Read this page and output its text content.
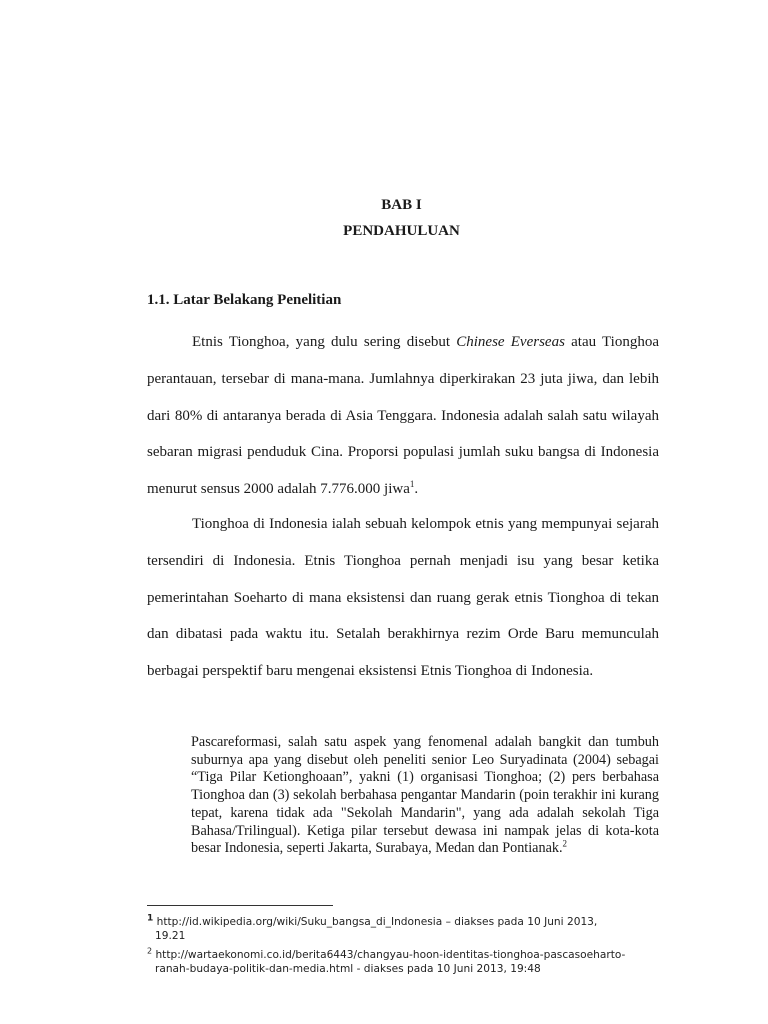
BAB I
PENDAHULUAN
1.1. Latar Belakang Penelitian

Etnis Tionghoa, yang dulu sering disebut Chinese Everseas atau Tionghoa perantauan, tersebar di mana-mana. Jumlahnya diperkirakan 23 juta jiwa, dan lebih dari 80% di antaranya berada di Asia Tenggara. Indonesia adalah salah satu wilayah sebaran migrasi penduduk Cina. Proporsi populasi jumlah suku bangsa di Indonesia menurut sensus 2000 adalah 7.776.000 jiwa$^1$.

Tionghoa di Indonesia ialah sebuah kelompok etnis yang mempunyai sejarah tersendiri di Indonesia. Etnis Tionghoa pernah menjadi isu yang besar ketika pemerintahan Soeharto di mana eksistensi dan ruang gerak etnis Tionghoa di tekan dan dibatasi pada waktu itu. Setalah berakhirnya rezim Orde Baru memunculah berbagai perspektif baru mengenai eksistensi Etnis Tionghoa di Indonesia.

Pascareformasi, salah satu aspek yang fenomenal adalah bangkit dan tumbuh suburnya apa yang disebut oleh peneliti senior Leo Suryadinata (2004) sebagai “Tiga Pilar Ketionghoaan”, yakni (1) organisasi Tionghoa; (2) pers berbahasa Tionghoa dan (3) sekolah berbahasa pengantar Mandarin (poin terakhir ini kurang tepat, karena tidak ada "Sekolah Mandarin", yang ada adalah sekolah Tiga Bahasa/Trilingual). Ketiga pilar tersebut dewasa ini nampak jelas di kota-kota besar Indonesia, seperti Jakarta, Surabaya, Medan dan Pontianak.$^2$

$^1$ http://id.wikipedia.org/wiki/Suku_bangsa_di_Indonesia – diakses pada 10 Juni 2013,
19.21

$^2$ http://wartaekonomi.co.id/berita6443/changyau-hoon-identitas-tionghoa-pascasoeharto-
ranah-budaya-politik-dan-media.html - diakses pada 10 Juni 2013, 19:48
